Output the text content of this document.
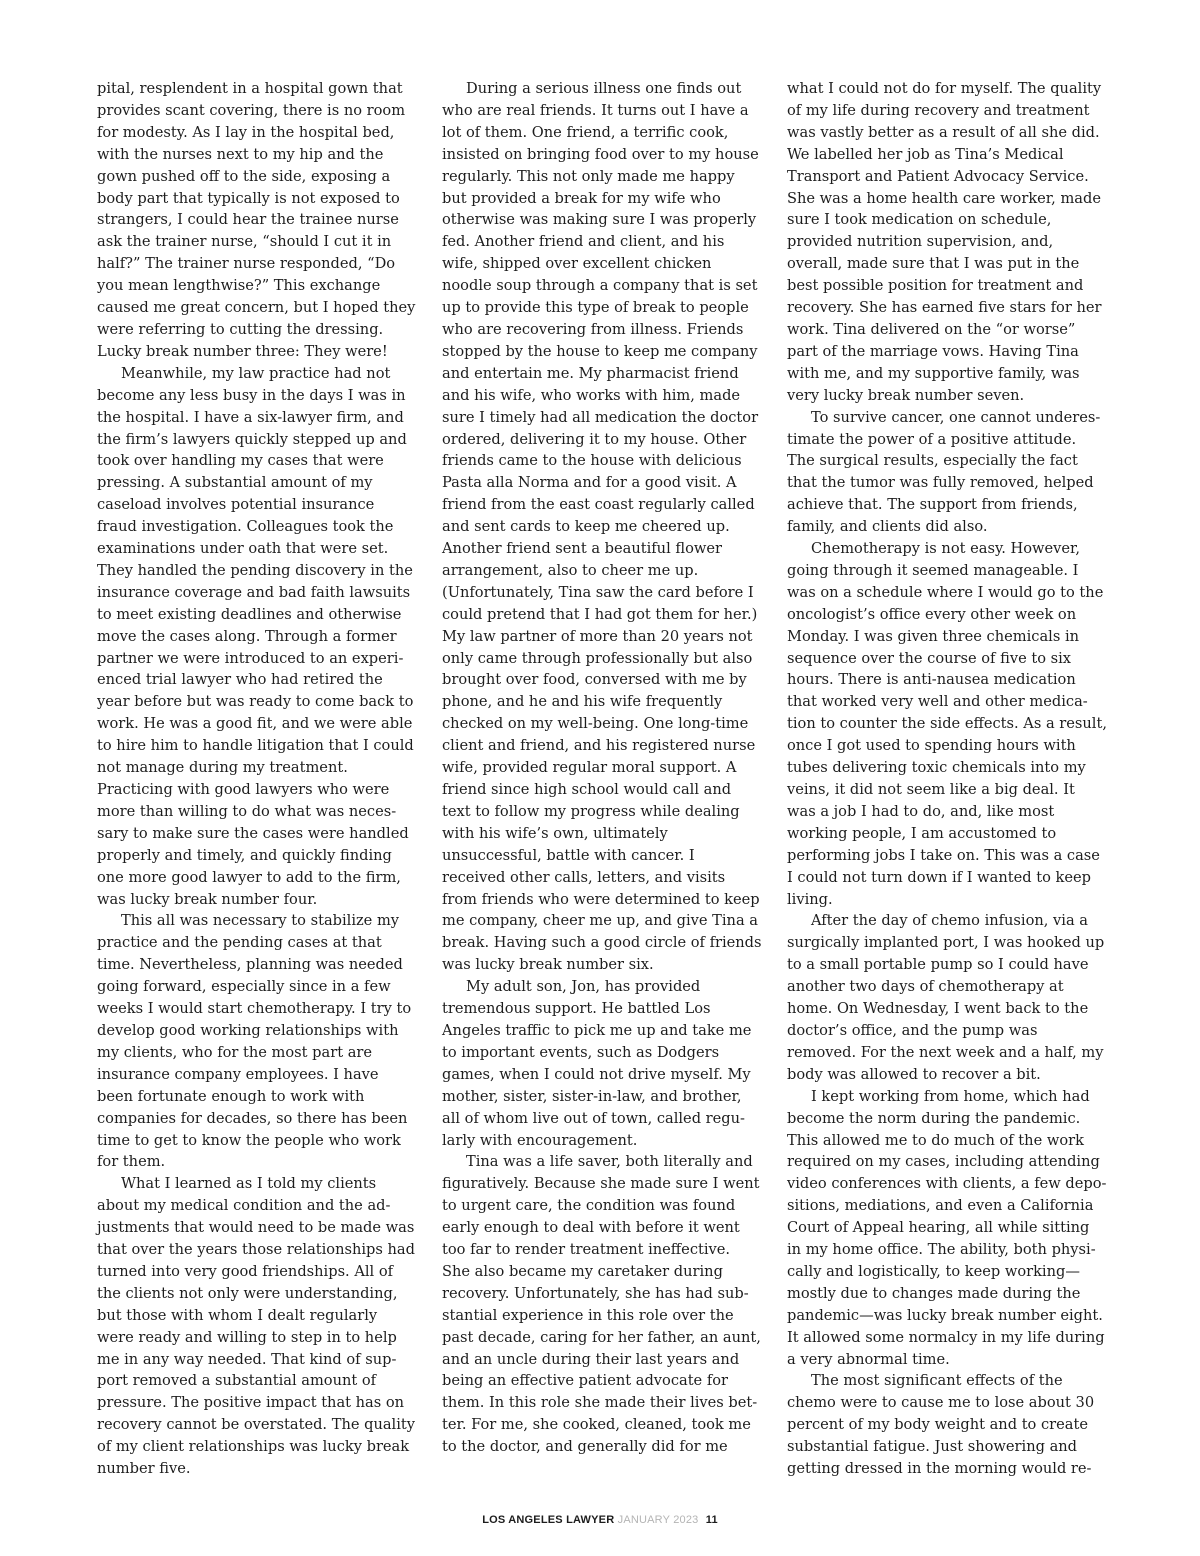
pital, resplendent in a hospital gown that provides scant covering, there is no room for modesty. As I lay in the hospital bed, with the nurses next to my hip and the gown pushed off to the side, exposing a body part that typically is not exposed to strangers, I could hear the trainee nurse ask the trainer nurse, “should I cut it in half?” The trainer nurse responded, “Do you mean lengthwise?” This exchange caused me great concern, but I hoped they were referring to cutting the dressing. Lucky break number three: They were!

Meanwhile, my law practice had not become any less busy in the days I was in the hospital. I have a six-lawyer firm, and the firm’s lawyers quickly stepped up and took over handling my cases that were pressing. A substantial amount of my caseload involves potential insurance fraud investigation. Colleagues took the examinations under oath that were set. They handled the pending discovery in the insurance coverage and bad faith lawsuits to meet existing deadlines and otherwise move the cases along. Through a former partner we were introduced to an experienced trial lawyer who had retired the year before but was ready to come back to work. He was a good fit, and we were able to hire him to handle litigation that I could not manage during my treatment. Practicing with good lawyers who were more than willing to do what was necessary to make sure the cases were handled properly and timely, and quickly finding one more good lawyer to add to the firm, was lucky break number four.

This all was necessary to stabilize my practice and the pending cases at that time. Nevertheless, planning was needed going forward, especially since in a few weeks I would start chemotherapy. I try to develop good working relationships with my clients, who for the most part are insurance company employees. I have been fortunate enough to work with companies for decades, so there has been time to get to know the people who work for them.

What I learned as I told my clients about my medical condition and the adjustments that would need to be made was that over the years those relationships had turned into very good friendships. All of the clients not only were understanding, but those with whom I dealt regularly were ready and willing to step in to help me in any way needed. That kind of support removed a substantial amount of pressure. The positive impact that has on recovery cannot be overstated. The quality of my client relationships was lucky break number five.

During a serious illness one finds out who are real friends. It turns out I have a lot of them. One friend, a terrific cook, insisted on bringing food over to my house regularly. This not only made me happy but provided a break for my wife who otherwise was making sure I was properly fed. Another friend and client, and his wife, shipped over excellent chicken noodle soup through a company that is set up to provide this type of break to people who are recovering from illness. Friends stopped by the house to keep me company and entertain me. My pharmacist friend and his wife, who works with him, made sure I timely had all medication the doctor ordered, delivering it to my house. Other friends came to the house with delicious Pasta alla Norma and for a good visit. A friend from the east coast regularly called and sent cards to keep me cheered up. Another friend sent a beautiful flower arrangement, also to cheer me up. (Unfortunately, Tina saw the card before I could pretend that I had got them for her.) My law partner of more than 20 years not only came through professionally but also brought over food, conversed with me by phone, and he and his wife frequently checked on my well-being. One long-time client and friend, and his registered nurse wife, provided regular moral support. A friend since high school would call and text to follow my progress while dealing with his wife’s own, ultimately unsuccessful, battle with cancer. I received other calls, letters, and visits from friends who were determined to keep me company, cheer me up, and give Tina a break. Having such a good circle of friends was lucky break number six.

My adult son, Jon, has provided tremendous support. He battled Los Angeles traffic to pick me up and take me to important events, such as Dodgers games, when I could not drive myself. My mother, sister, sister-in-law, and brother, all of whom live out of town, called regularly with encouragement.

Tina was a life saver, both literally and figuratively. Because she made sure I went to urgent care, the condition was found early enough to deal with before it went too far to render treatment ineffective. She also became my caretaker during recovery. Unfortunately, she has had substantial experience in this role over the past decade, caring for her father, an aunt, and an uncle during their last years and being an effective patient advocate for them. In this role she made their lives better. For me, she cooked, cleaned, took me to the doctor, and generally did for me

what I could not do for myself. The quality of my life during recovery and treatment was vastly better as a result of all she did. We labelled her job as Tina’s Medical Transport and Patient Advocacy Service. She was a home health care worker, made sure I took medication on schedule, provided nutrition supervision, and, overall, made sure that I was put in the best possible position for treatment and recovery. She has earned five stars for her work. Tina delivered on the “or worse” part of the marriage vows. Having Tina with me, and my supportive family, was very lucky break number seven.

To survive cancer, one cannot underestimate the power of a positive attitude. The surgical results, especially the fact that the tumor was fully removed, helped achieve that. The support from friends, family, and clients did also.

Chemotherapy is not easy. However, going through it seemed manageable. I was on a schedule where I would go to the oncologist’s office every other week on Monday. I was given three chemicals in sequence over the course of five to six hours. There is anti-nausea medication that worked very well and other medication to counter the side effects. As a result, once I got used to spending hours with tubes delivering toxic chemicals into my veins, it did not seem like a big deal. It was a job I had to do, and, like most working people, I am accustomed to performing jobs I take on. This was a case I could not turn down if I wanted to keep living.

After the day of chemo infusion, via a surgically implanted port, I was hooked up to a small portable pump so I could have another two days of chemotherapy at home. On Wednesday, I went back to the doctor’s office, and the pump was removed. For the next week and a half, my body was allowed to recover a bit.

I kept working from home, which had become the norm during the pandemic. This allowed me to do much of the work required on my cases, including attending video conferences with clients, a few depositions, mediations, and even a California Court of Appeal hearing, all while sitting in my home office. The ability, both physically and logistically, to keep working—mostly due to changes made during the pandemic—was lucky break number eight. It allowed some normalcy in my life during a very abnormal time.

The most significant effects of the chemo were to cause me to lose about 30 percent of my body weight and to create substantial fatigue. Just showering and getting dressed in the morning would re-

LOS ANGELES LAWYER JANUARY 2023 11
